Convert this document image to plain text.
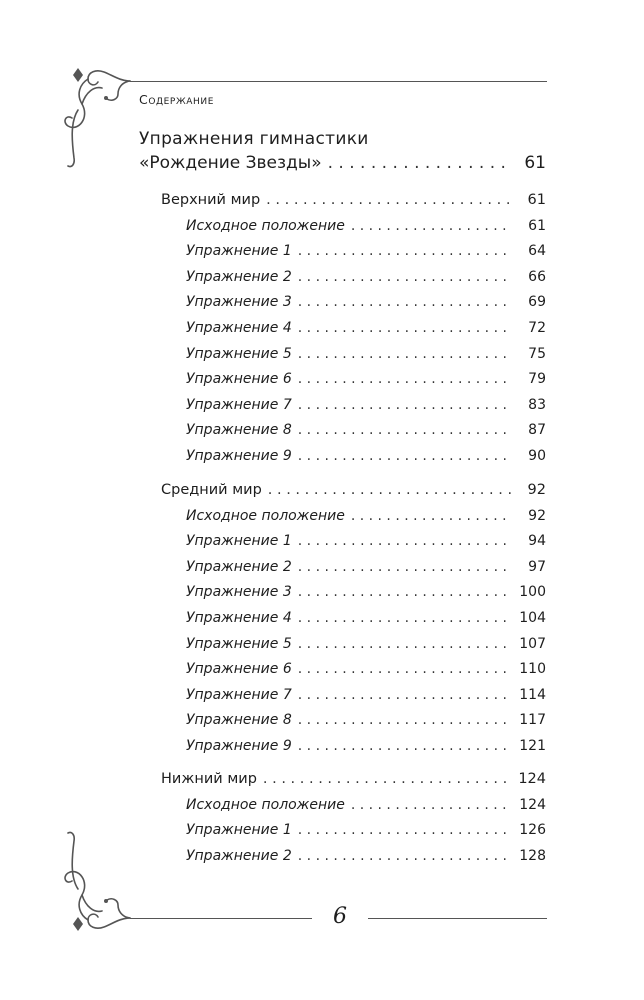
Содержание
Упражнения гимнастики
«Рождение Звезды» . . .	61
Верхний мир . . .	61
Исходное положение . . .	61
Упражнение 1 . . .	64
Упражнение 2 . . .	66
Упражнение 3 . . .	69
Упражнение 4 . . .	72
Упражнение 5 . . .	75
Упражнение 6 . . .	79
Упражнение 7 . . .	83
Упражнение 8 . . .	87
Упражнение 9 . . .	90
Средний мир . . .	92
Исходное положение . . .	92
Упражнение 1 . . .	94
Упражнение 2 . . .	97
Упражнение 3 . . .	100
Упражнение 4 . . .	104
Упражнение 5 . . .	107
Упражнение 6 . . .	110
Упражнение 7 . . .	114
Упражнение 8 . . .	117
Упражнение 9 . . .	121
Нижний мир . . .	124
Исходное положение . . .	124
Упражнение 1 . . .	126
Упражнение 2 . . .	128
6
